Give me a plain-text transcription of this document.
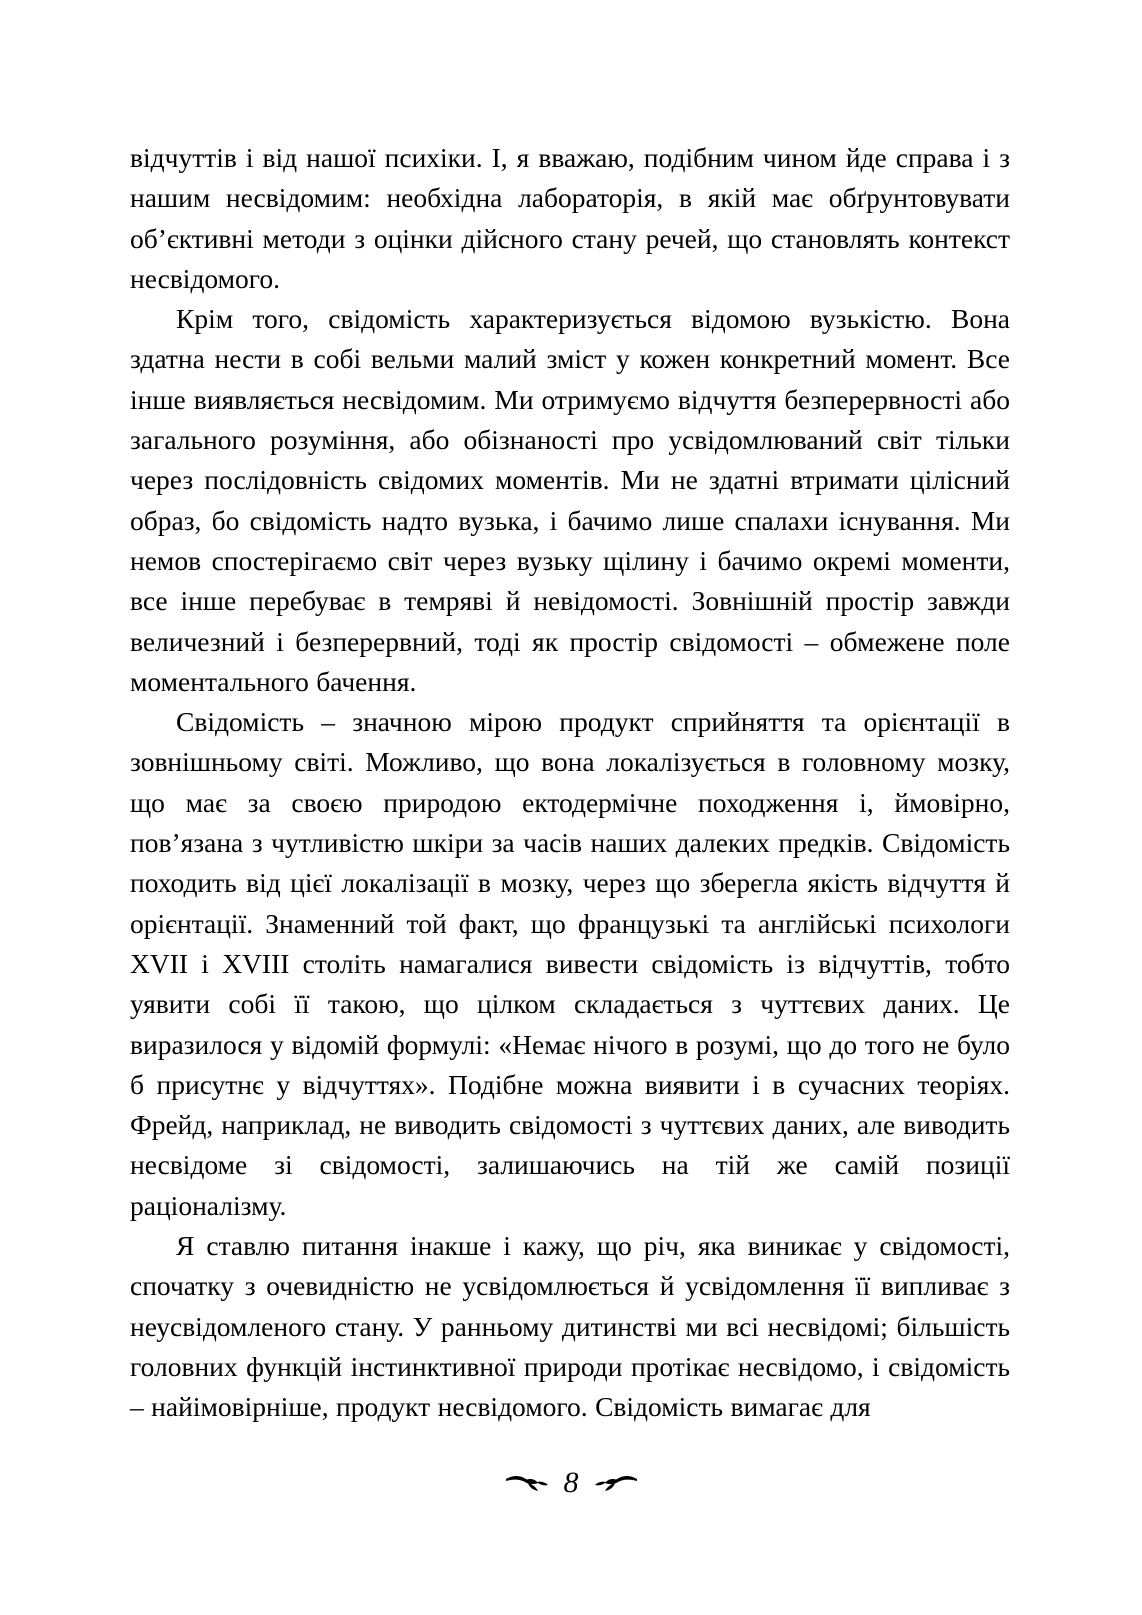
відчуттів і від нашої психіки. І, я вважаю, подібним чином йде справа і з нашим несвідомим: необхідна лабораторія, в якій має обґрунтовувати об’єктивні методи з оцінки дійсного стану речей, що становлять контекст несвідомого.

Крім того, свідомість характеризується відомою вузькістю. Вона здатна нести в собі вельми малий зміст у кожен конкретний момент. Все інше виявляється несвідомим. Ми отримуємо відчуття безперервності або загального розуміння, або обізнаності про усвідомлюваний світ тільки через послідовність свідомих моментів. Ми не здатні втримати цілісний образ, бо свідомість надто вузька, і бачимо лише спалахи існування. Ми немов спостерігаємо світ через вузьку щілину і бачимо окремі моменти, все інше перебуває в темряві й невідомості. Зовнішній простір завжди величезний і безперервний, тоді як простір свідомості – обмежене поле моментального бачення.

Свідомість – значною мірою продукт сприйняття та орієнтації в зовнішньому світі. Можливо, що вона локалізується в головному мозку, що має за своєю природою ектодермічне походження і, ймовірно, пов’язана з чутливістю шкіри за часів наших далеких предків. Свідомість походить від цієї локалізації в мозку, через що зберегла якість відчуття й орієнтації. Знаменний той факт, що французькі та англійські психологи XVII і XVIII століть намагалися вивести свідомість із відчуттів, тобто уявити собі її такою, що цілком складається з чуттєвих даних. Це виразилося у відомій формулі: «Немає нічого в розумі, що до того не було б присутнє у відчуттях». Подібне можна виявити і в сучасних теоріях. Фрейд, наприклад, не виводить свідомості з чуттєвих даних, але виводить несвідоме зі свідомості, залишаючись на тій же самій позиції раціоналізму.

Я ставлю питання інакше і кажу, що річ, яка виникає у свідомості, спочатку з очевидністю не усвідомлюється й усвідомлення її випливає з неусвідомленого стану. У ранньому дитинстві ми всі несвідомі; більшість головних функцій інстинктивної природи протікає несвідомо, і свідомість – найімовірніше, продукт несвідомого. Свідомість вимагає для

8
